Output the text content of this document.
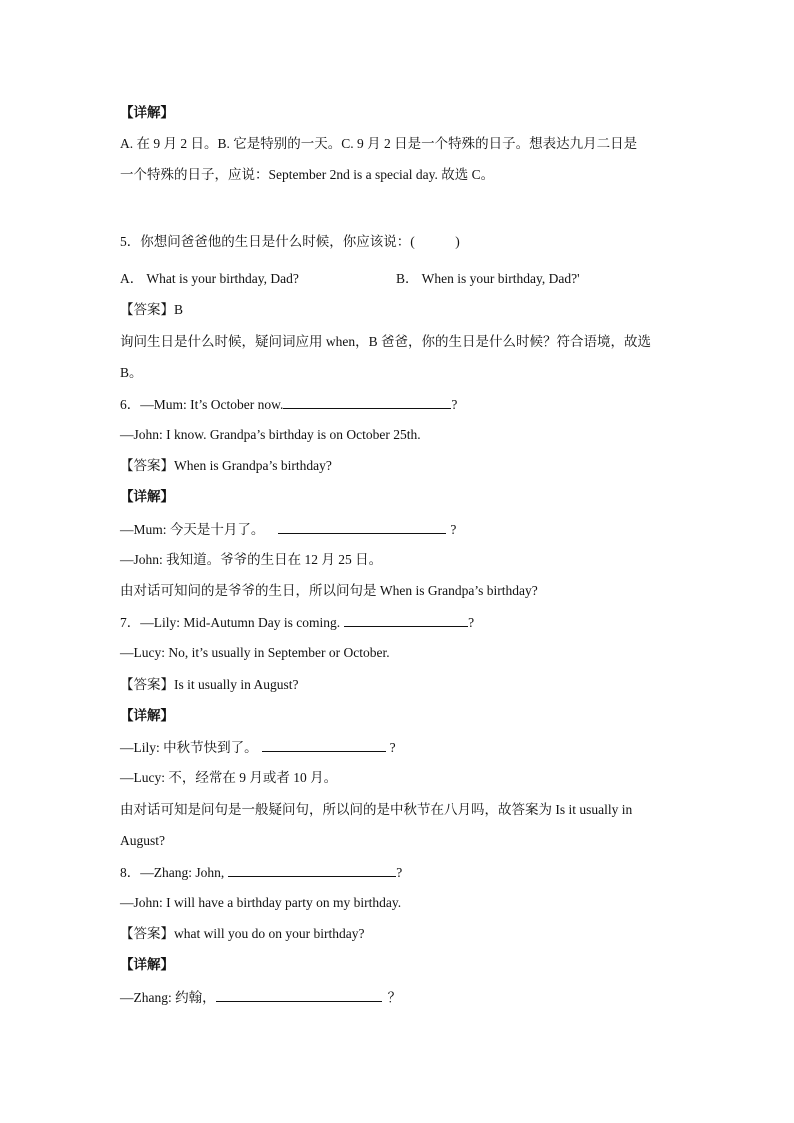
【详解】
A. 在 9 月 2 日。B. 它是特别的一天。C. 9 月 2 日是一个特殊的日子。想表达九月二日是
一个特殊的日子，应说：September 2nd is a special day. 故选 C。
5．你想问爸爸他的生日是什么时候，你应该说：(　　　)
A． What is your birthday, Dad?	B． When is your birthday, Dad?'
【答案】B
询问生日是什么时候，疑问词应用 when，B 爸爸，你的生日是什么时候？符合语境，故选
B。
6．—Mum: It’s October now.	?
—John: I know. Grandpa’s birthday is on October 25th.
【答案】When is Grandpa’s birthday?
【详解】
—Mum: 今天是十月了。	?
—John: 我知道。爷爷的生日在 12 月 25 日。
由对话可知问的是爷爷的生日，所以问句是 When is Grandpa’s birthday?
7．—Lily: Mid-Autumn Day is coming.	?
—Lucy: No, it’s usually in September or October.
【答案】Is it usually in August?
【详解】
—Lily: 中秋节快到了。	?
—Lucy: 不，经常在 9 月或者 10 月。
由对话可知是问句是一般疑问句，所以问的是中秋节在八月吗，故答案为 Is it usually in
August?
8．—Zhang: John,	?
—John: I will have a birthday party on my birthday.
【答案】what will you do on your birthday?
【详解】
—Zhang: 约翰，	？
